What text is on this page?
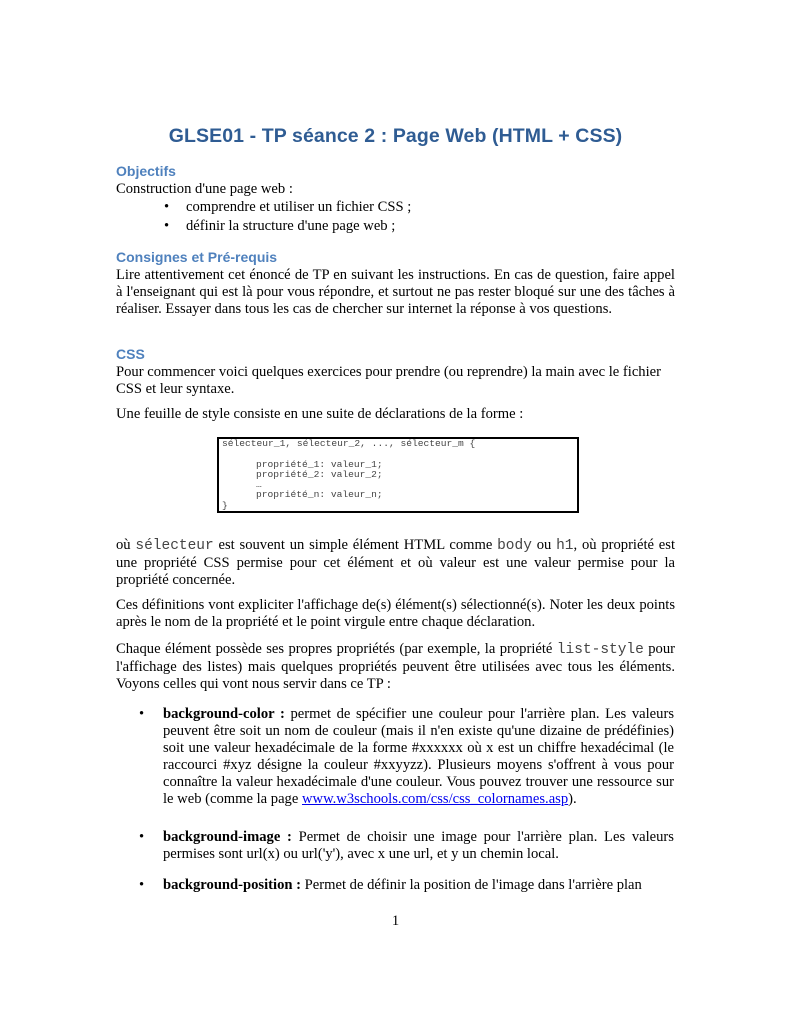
GLSE01 - TP séance 2 : Page Web (HTML + CSS)
Objectifs

Construction d'une page web :

• comprendre et utiliser un fichier CSS ;
• définir la structure d'une page web ;
Consignes et Pré-requis

Lire attentivement cet énoncé de TP en suivant les instructions. En cas de question, faire appel à l'enseignant qui est là pour vous répondre, et surtout ne pas rester bloqué sur une des tâches à réaliser. Essayer dans tous les cas de chercher sur internet la réponse à vos questions.

CSS

Pour commencer voici quelques exercices pour prendre (ou reprendre) la main avec le fichier CSS et leur syntaxe.

Une feuille de style consiste en une suite de déclarations de la forme :

sélecteur_1, sélecteur_2, ..., sélecteur_m {

propriété_1: valeur_1;
propriété_2: valeur_2;
…
propriété_n: valeur_n;
}

où sélecteur est souvent un simple élément HTML comme body ou h1, où propriété est une propriété CSS permise pour cet élément et où valeur est une valeur permise pour la propriété concernée.

Ces définitions vont expliciter l'affichage de(s) élément(s) sélectionné(s). Noter les deux points après le nom de la propriété et le point virgule entre chaque déclaration.

Chaque élément possède ses propres propriétés (par exemple, la propriété list-style pour l'affichage des listes) mais quelques propriétés peuvent être utilisées avec tous les éléments. Voyons celles qui vont nous servir dans ce TP :

• background-color : permet de spécifier une couleur pour l'arrière plan. Les valeurs peuvent être soit un nom de couleur (mais il n'en existe qu'une dizaine de prédéfinies) soit une valeur hexadécimale de la forme #xxxxxx où x est un chiffre hexadécimal (le raccourci #xyz désigne la couleur #xxyyzz). Plusieurs moyens s'offrent à vous pour connaître la valeur hexadécimale d'une couleur. Vous pouvez trouver une ressource sur le web (comme la page www.w3schools.com/css/css_colornames.asp).
• background-image : Permet de choisir une image pour l'arrière plan. Les valeurs permises sont url(x) ou url('y'), avec x une url, et y un chemin local.
• background-position : Permet de définir la position de l'image dans l'arrière plan
1
